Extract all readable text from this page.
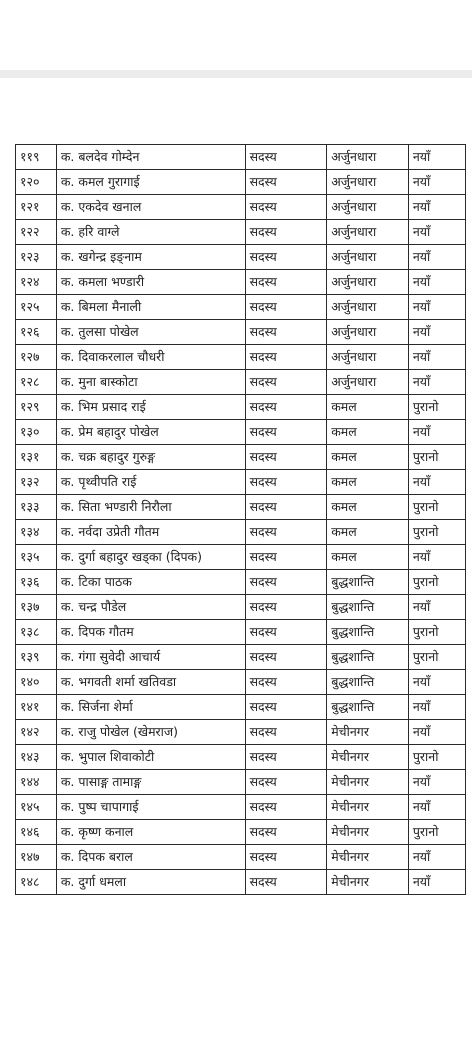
११९	क. बलदेव गोम्देन	सदस्य	अर्जुनधारा	नयाँ
१२०	क. कमल गुरागाई	सदस्य	अर्जुनधारा	नयाँ
१२१	क. एकदेव खनाल	सदस्य	अर्जुनधारा	नयाँ
१२२	क. हरि वाग्ले	सदस्य	अर्जुनधारा	नयाँ
१२३	क. खगेन्द्र इङ्नाम	सदस्य	अर्जुनधारा	नयाँ
१२४	क. कमला भण्डारी	सदस्य	अर्जुनधारा	नयाँ
१२५	क. बिमला मैनाली	सदस्य	अर्जुनधारा	नयाँ
१२६	क. तुलसा पोखेल	सदस्य	अर्जुनधारा	नयाँ
१२७	क. दिवाकरलाल चौधरी	सदस्य	अर्जुनधारा	नयाँ
१२८	क. मुना बास्कोटा	सदस्य	अर्जुनधारा	नयाँ
१२९	क. भिम प्रसाद राई	सदस्य	कमल	पुरानो
१३०	क. प्रेम बहादुर पोखेल	सदस्य	कमल	नयाँ
१३१	क. चक्र बहादुर गुरुङ्ग	सदस्य	कमल	पुरानो
१३२	क. पृथ्वीपति राई	सदस्य	कमल	नयाँ
१३३	क. सिता भण्डारी निरौला	सदस्य	कमल	पुरानो
१३४	क. नर्वदा उप्रेती गौतम	सदस्य	कमल	पुरानो
१३५	क. दुर्गा बहादुर खड्का (दिपक)	सदस्य	कमल	नयाँ
१३६	क. टिका पाठक	सदस्य	बुद्धशान्ति	पुरानो
१३७	क. चन्द्र पौडेल	सदस्य	बुद्धशान्ति	नयाँ
१३८	क. दिपक गौतम	सदस्य	बुद्धशान्ति	पुरानो
१३९	क. गंगा सुवेदी आचार्य	सदस्य	बुद्धशान्ति	पुरानो
१४०	क. भगवती शर्मा खतिवडा	सदस्य	बुद्धशान्ति	नयाँ
१४१	क. सिर्जना शेर्मा	सदस्य	बुद्धशान्ति	नयाँ
१४२	क. राजु पोखेल (खेमराज)	सदस्य	मेचीनगर	नयाँ
१४३	क. भुपाल शिवाकोटी	सदस्य	मेचीनगर	पुरानो
१४४	क. पासाङ्ग तामाङ्ग	सदस्य	मेचीनगर	नयाँ
१४५	क. पुष्प चापागाई	सदस्य	मेचीनगर	नयाँ
१४६	क. कृष्ण कनाल	सदस्य	मेचीनगर	पुरानो
१४७	क. दिपक बराल	सदस्य	मेचीनगर	नयाँ
१४८	क. दुर्गा धमला	सदस्य	मेचीनगर	नयाँ
